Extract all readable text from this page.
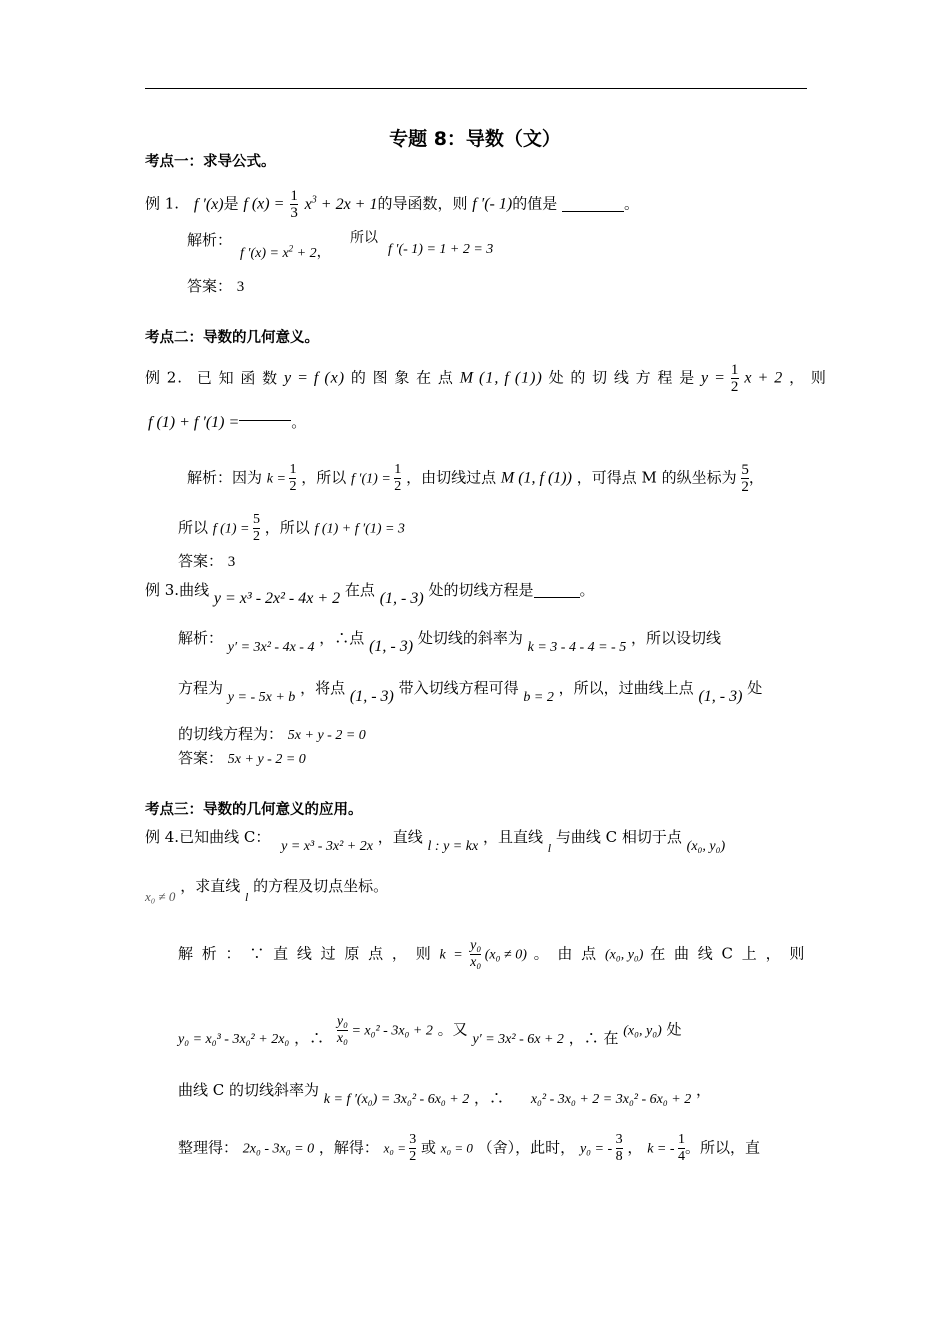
专题 8：导数（文）
考点一：求导公式。
例 1. f ′(x)是 f $(x) = \frac{1}{3} x^3 + 2x + 1$的导函数，则 f ′(- 1)的值是	。
解析：
f $'(x) = x^2 + 2$，
所以
f ′(- 1) = 1 + 2 = 3
答案： 3
考点二：导数的几何意义。
例 2. 已 知 函 数 y = f (x) 的 图 象 在 点 M (1, f (1)) 处 的 切 线 方 程 是 $y = \frac{1}{2}$ x + 2 ， 则
f (1) + f ′(1) =	。
解析：因为 $k = \frac{1}{2}$ ，所以 f $'(1) = \frac{1}{2}$ ，由切线过点 M (1, f (1)) ，可得点 M 的纵坐标为 $\frac{5}{2}$ ，
所以 f $(1) = \frac{5}{2}$ ，所以 f (1) + f ′(1) = 3
答案： 3
例 3.曲线 y = x³ - 2x² - 4x + 2 在点 (1, - 3) 处的切线方程是	。
解析： y′ = 3x² - 4x - 4 ，∴点 (1, - 3) 处切线的斜率为 k = 3 - 4 - 4 = - 5 ，所以设切线
方程为 y = - 5x + b ，将点 (1, - 3) 带入切线方程可得 b = 2 ，所以，过曲线上点 (1, - 3) 处
的切线方程为： 5x + y - 2 = 0
答案： 5x + y - 2 = 0
考点三：导数的几何意义的应用。
例 4.已知曲线 C： y = x³ - 3x² + 2x ，直线 l : y = kx ，且直线 $_l$ 与曲线 C 相切于点 (x₀, y₀)
x₀ ≠ 0 ，求直线 $_l$ 的方程及切点坐标。
解 析 ： ∵ 直 线 过 原 点 ， 则 $k = \frac{\text{y₀}}{\text{x₀}} (x_0 \ne 0)$ 。 由 点 (x₀, y₀) 在 曲 线 C 上 ， 则
y₀ = x₀³ - 3x₀² + 2x₀ ，∴ $\frac{\text{y₀}}{\text{x₀}} = x_0^2 - 3x_0 + 2$ 。又 y′ = 3x² - 6x + 2 ，∴ 在 (x₀, y₀) 处
曲线 C 的切线斜率为 k = f ′(x₀) = 3x₀² - 6x₀ + 2 ，∴ x₀² - 3x₀ + 2 = 3x₀² - 6x₀ + 2 ，
整理得： 2x₀ - 3x₀ = 0 ，解得： $x_0 = \frac{3}{2}$ 或 x₀ = 0 （舍），此时， y₀ = - $\frac{3}{8}$ ， k = - $\frac{1}{4}$ 。所以，直
